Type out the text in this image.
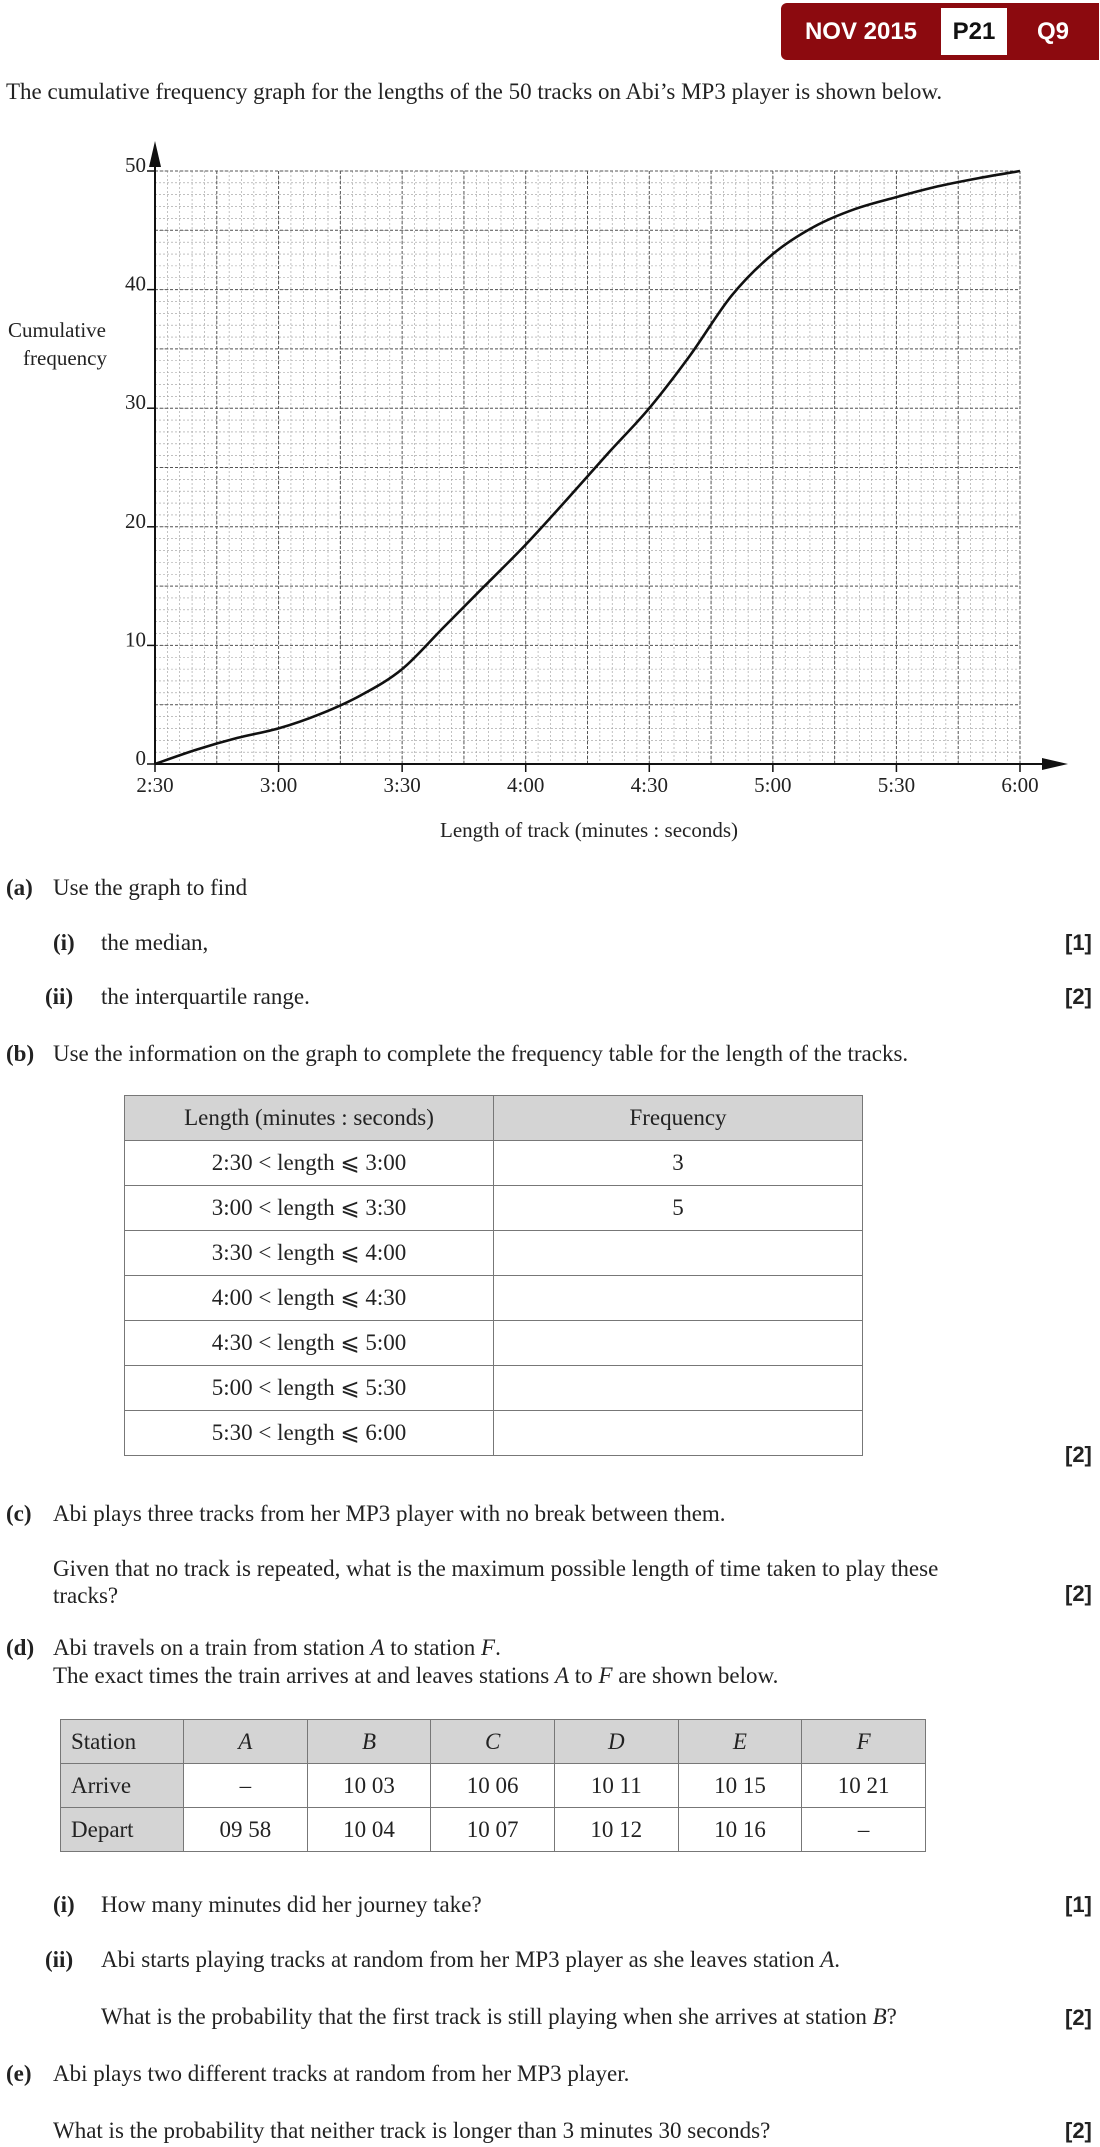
NOV 2015	P21	Q9
The cumulative frequency graph for the lengths of the 50 tracks on Abi’s MP3 player is shown below.
2:30	3:00	3:30	4:00	4:30	5:00	5:30	6:00
0
10
20
30
40
50
Cumulative
frequency
Length of track (minutes : seconds)
(a) Use the graph to find
(i) the median,	[1]
(ii) the interquartile range.	[2]
(b) Use the information on the graph to complete the frequency table for the length of the tracks.
Length (minutes : seconds)	Frequency
2:30 < length ⩽ 3:00	3
3:00 < length ⩽ 3:30	5
3:30 < length ⩽ 4:00	
4:00 < length ⩽ 4:30	
4:30 < length ⩽ 5:00	
5:00 < length ⩽ 5:30	
5:30 < length ⩽ 6:00	
[2]
(c) Abi plays three tracks from her MP3 player with no break between them.
Given that no track is repeated, what is the maximum possible length of time taken to play these
tracks?	[2]
(d) Abi travels on a train from station A to station F.
The exact times the train arrives at and leaves stations A to F are shown below.
Station	A	B	C	D	E	F
Arrive	–	10 03	10 06	10 11	10 15	10 21
Depart	09 58	10 04	10 07	10 12	10 16	–
(i) How many minutes did her journey take?	[1]
(ii) Abi starts playing tracks at random from her MP3 player as she leaves station A.
What is the probability that the first track is still playing when she arrives at station B?	[2]
(e) Abi plays two different tracks at random from her MP3 player.
What is the probability that neither track is longer than 3 minutes 30 seconds?	[2]
